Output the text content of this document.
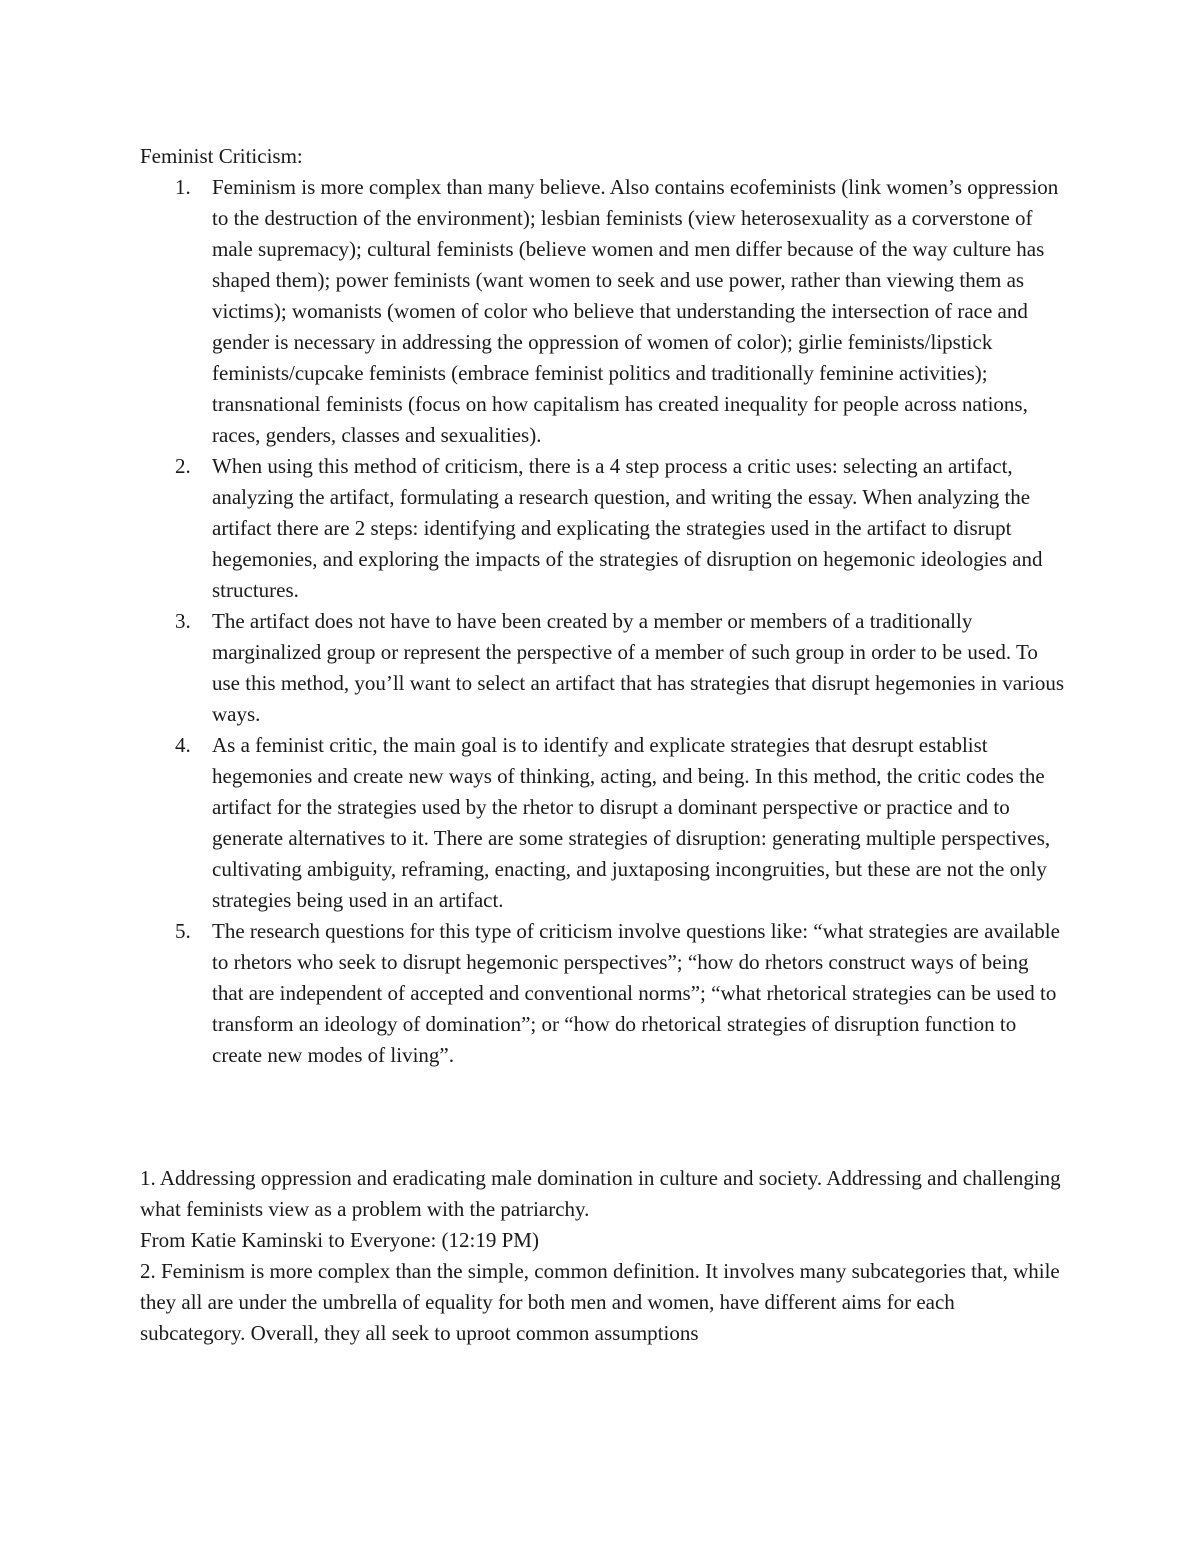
Feminist Criticism:

1.	Feminism is more complex than many believe. Also contains ecofeminists (link women’s oppression to the destruction of the environment); lesbian feminists (view heterosexuality as a corverstone of male supremacy); cultural feminists (believe women and men differ because of the way culture has shaped them); power feminists (want women to seek and use power, rather than viewing them as victims); womanists (women of color who believe that understanding the intersection of race and gender is necessary in addressing the oppression of women of color); girlie feminists/lipstick feminists/cupcake feminists (embrace feminist politics and traditionally feminine activities); transnational feminists (focus on how capitalism has created inequality for people across nations, races, genders, classes and sexualities).
2.	When using this method of criticism, there is a 4 step process a critic uses: selecting an artifact, analyzing the artifact, formulating a research question, and writing the essay. When analyzing the artifact there are 2 steps: identifying and explicating the strategies used in the artifact to disrupt hegemonies, and exploring the impacts of the strategies of disruption on hegemonic ideologies and structures.
3.	The artifact does not have to have been created by a member or members of a traditionally marginalized group or represent the perspective of a member of such group in order to be used. To use this method, you’ll want to select an artifact that has strategies that disrupt hegemonies in various ways.
4.	As a feminist critic, the main goal is to identify and explicate strategies that desrupt establist hegemonies and create new ways of thinking, acting, and being. In this method, the critic codes the artifact for the strategies used by the rhetor to disrupt a dominant perspective or practice and to generate alternatives to it. There are some strategies of disruption: generating multiple perspectives, cultivating ambiguity, reframing, enacting, and juxtaposing incongruities, but these are not the only strategies being used in an artifact.
5.	The research questions for this type of criticism involve questions like: “what strategies are available to rhetors who seek to disrupt hegemonic perspectives”; “how do rhetors construct ways of being that are independent of accepted and conventional norms”; “what rhetorical strategies can be used to transform an ideology of domination”; or “how do rhetorical strategies of disruption function to create new modes of living”.

1. Addressing oppression and eradicating male domination in culture and society. Addressing and challenging what feminists view as a problem with the patriarchy.

From Katie Kaminski to Everyone: (12:19 PM)

2. Feminism is more complex than the simple, common definition. It involves many subcategories that, while they all are under the umbrella of equality for both men and women, have different aims for each subcategory. Overall, they all seek to uproot common assumptions
